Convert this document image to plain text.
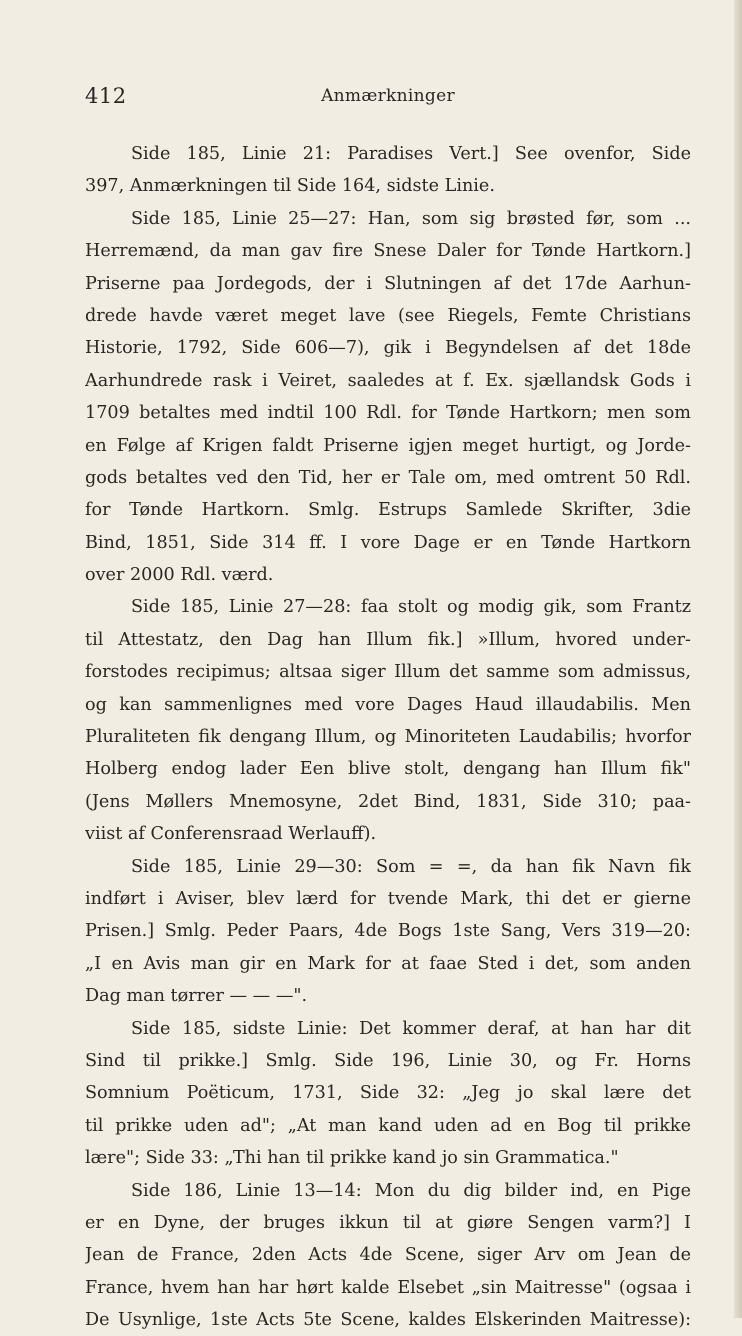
412	Anmærkninger
Side 185, Linie 21: Paradises Vert.] See ovenfor, Side
397, Anmærkningen til Side 164, sidste Linie.
Side 185, Linie 25—27: Han, som sig brøsted før, som ...
Herremænd, da man gav fire Snese Daler for Tønde Hartkorn.]
Priserne paa Jordegods, der i Slutningen af det 17de Aarhun-
drede havde været meget lave (see Riegels, Femte Christians
Historie, 1792, Side 606—7), gik i Begyndelsen af det 18de
Aarhundrede rask i Veiret, saaledes at f. Ex. sjællandsk Gods i
1709 betaltes med indtil 100 Rdl. for Tønde Hartkorn; men som
en Følge af Krigen faldt Priserne igjen meget hurtigt, og Jorde-
gods betaltes ved den Tid, her er Tale om, med omtrent 50 Rdl.
for Tønde Hartkorn. Smlg. Estrups Samlede Skrifter, 3die
Bind, 1851, Side 314 ff. I vore Dage er en Tønde Hartkorn
over 2000 Rdl. værd.
Side 185, Linie 27—28: faa stolt og modig gik, som Frantz
til Attestatz, den Dag han Illum fik.] »Illum, hvored under-
forstodes recipimus; altsaa siger Illum det samme som admissus,
og kan sammenlignes med vore Dages Haud illaudabilis. Men
Pluraliteten fik dengang Illum, og Minoriteten Laudabilis; hvorfor
Holberg endog lader Een blive stolt, dengang han Illum fik"
(Jens Møllers Mnemosyne, 2det Bind, 1831, Side 310; paa-
viist af Conferensraad Werlauff).
Side 185, Linie 29—30: Som = =, da han fik Navn fik
indført i Aviser, blev lærd for tvende Mark, thi det er gierne
Prisen.] Smlg. Peder Paars, 4de Bogs 1ste Sang, Vers 319—20:
„I en Avis man gir en Mark for at faae Sted i det, som anden
Dag man tørrer — — —".
Side 185, sidste Linie: Det kommer deraf, at han har dit
Sind til prikke.] Smlg. Side 196, Linie 30, og Fr. Horns
Somnium Poëticum, 1731, Side 32: „Jeg jo skal lære det
til prikke uden ad"; „At man kand uden ad en Bog til prikke
lære"; Side 33: „Thi han til prikke kand jo sin Grammatica."
Side 186, Linie 13—14: Mon du dig bilder ind, en Pige
er en Dyne, der bruges ikkun til at giøre Sengen varm?] I
Jean de France, 2den Acts 4de Scene, siger Arv om Jean de
France, hvem han har hørt kalde Elsebet „sin Maitresse" (ogsaa i
De Usynlige, 1ste Acts 5te Scene, kaldes Elskerinden Maitresse):
